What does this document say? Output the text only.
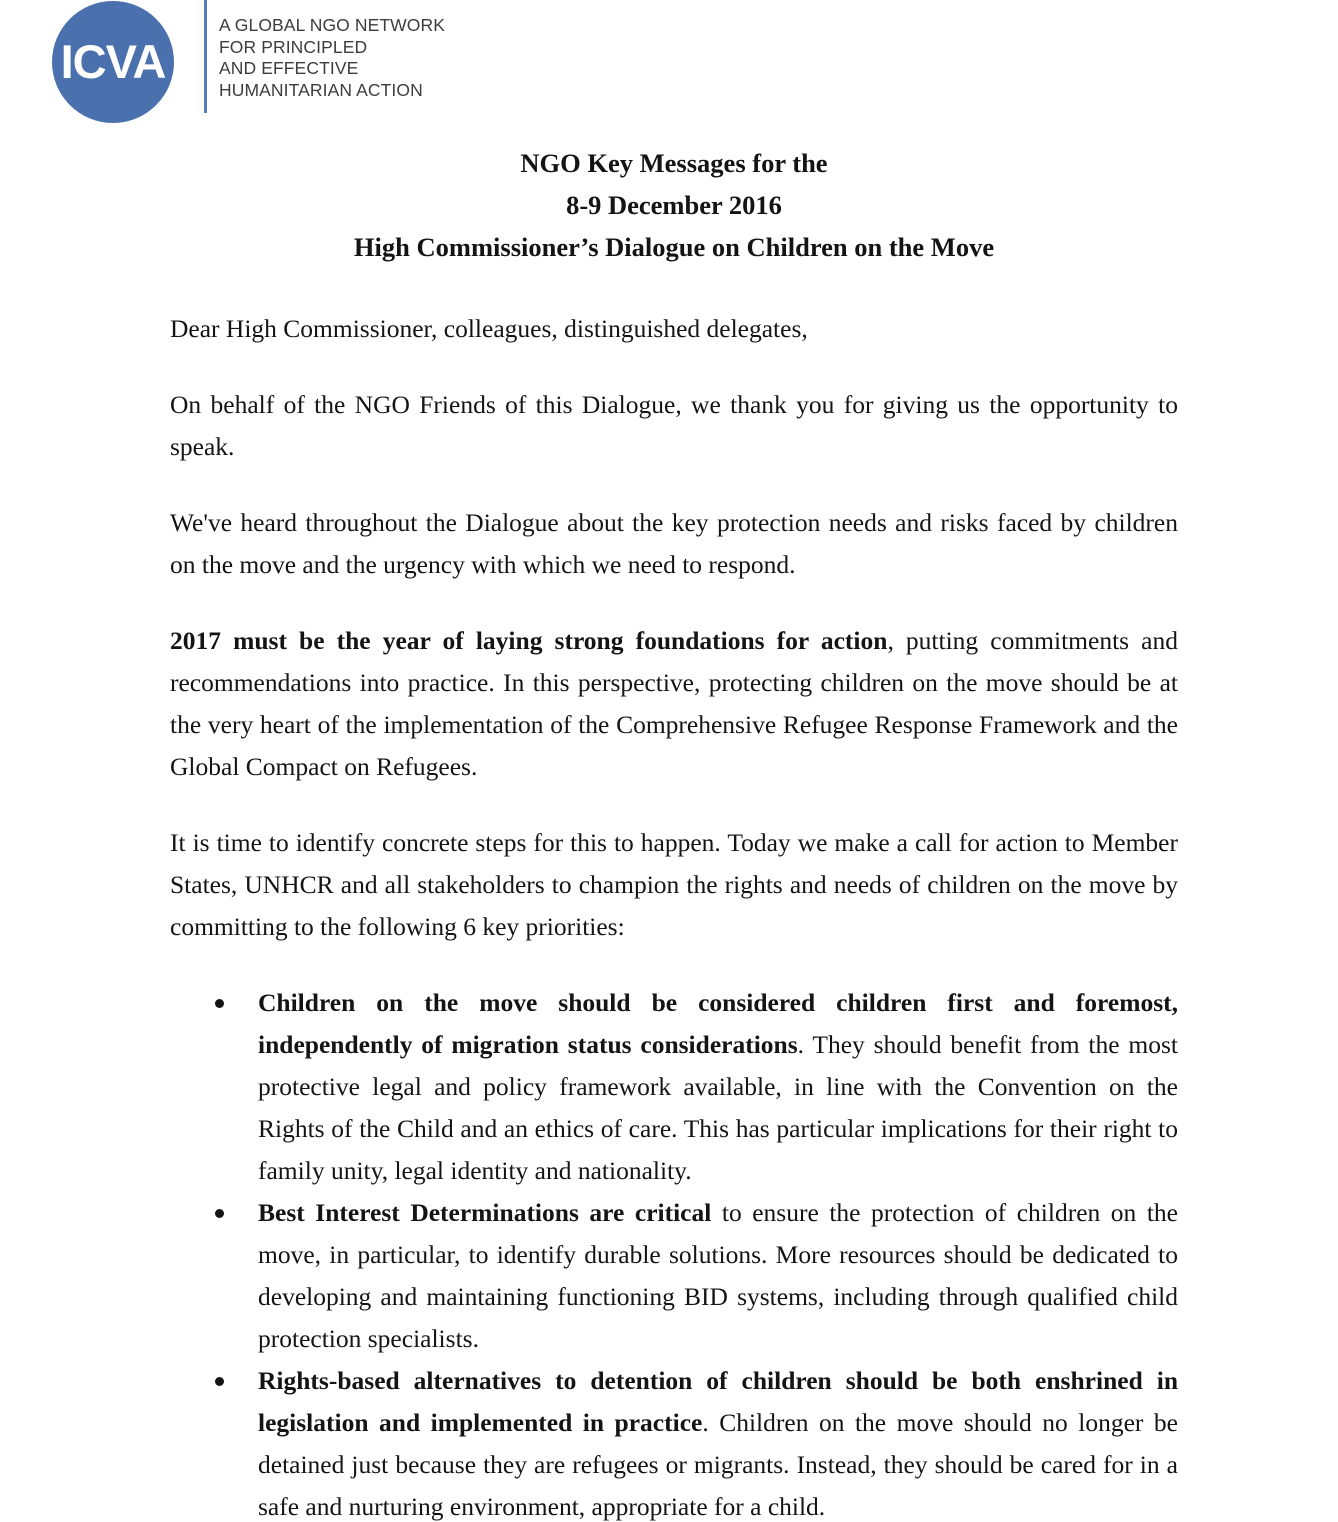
ICVA
A GLOBAL NGO NETWORK
FOR PRINCIPLED
AND EFFECTIVE
HUMANITARIAN ACTION
NGO Key Messages for the
8-9 December 2016
High Commissioner’s Dialogue on Children on the Move

Dear High Commissioner, colleagues, distinguished delegates,

On behalf of the NGO Friends of this Dialogue, we thank you for giving us the opportunity to speak.

We've heard throughout the Dialogue about the key protection needs and risks faced by children on the move and the urgency with which we need to respond.

2017 must be the year of laying strong foundations for action, putting commitments and recommendations into practice. In this perspective, protecting children on the move should be at the very heart of the implementation of the Comprehensive Refugee Response Framework and the Global Compact on Refugees.

It is time to identify concrete steps for this to happen. Today we make a call for action to Member States, UNHCR and all stakeholders to champion the rights and needs of children on the move by committing to the following 6 key priorities:

Children on the move should be considered children first and foremost, independently of migration status considerations. They should benefit from the most protective legal and policy framework available, in line with the Convention on the Rights of the Child and an ethics of care. This has particular implications for their right to family unity, legal identity and nationality.
Best Interest Determinations are critical to ensure the protection of children on the move, in particular, to identify durable solutions. More resources should be dedicated to developing and maintaining functioning BID systems, including through qualified child protection specialists.
Rights-based alternatives to detention of children should be both enshrined in legislation and implemented in practice. Children on the move should no longer be detained just because they are refugees or migrants. Instead, they should be cared for in a safe and nurturing environment, appropriate for a child.
